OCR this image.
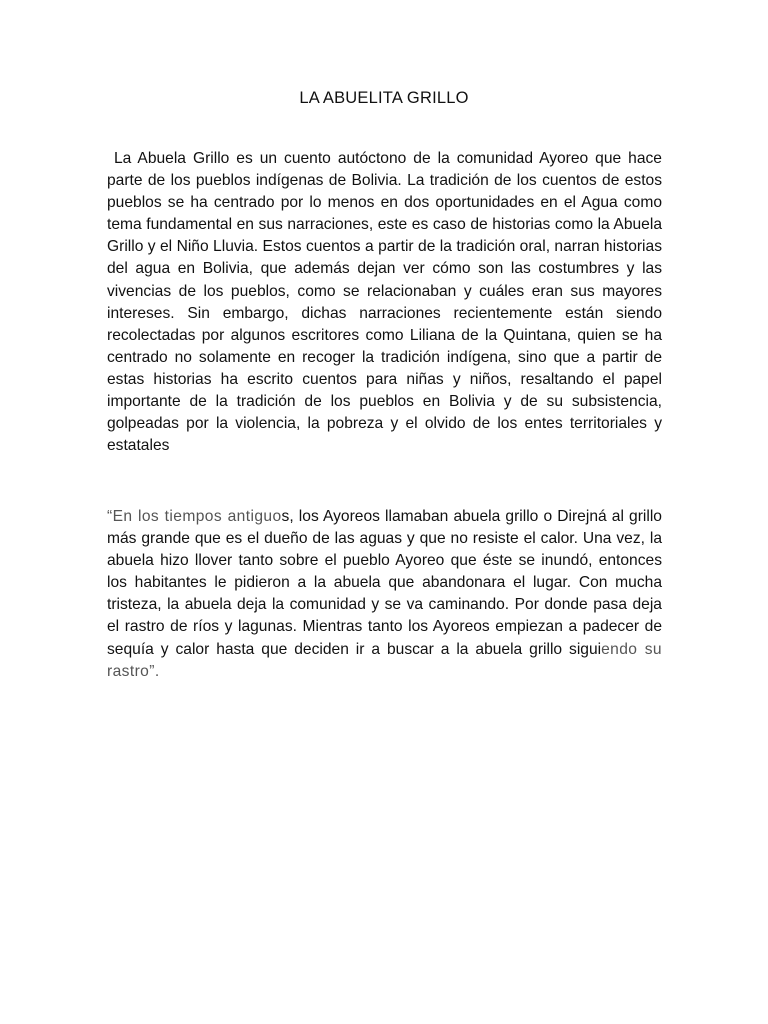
LA ABUELITA GRILLO

La Abuela Grillo es un cuento autóctono de la comunidad Ayoreo que hace parte de los pueblos indígenas de Bolivia. La tradición de los cuentos de estos pueblos se ha centrado por lo menos en dos oportunidades en el Agua como tema fundamental en sus narraciones, este es caso de historias como la Abuela Grillo y el Niño Lluvia. Estos cuentos a partir de la tradición oral, narran historias del agua en Bolivia, que además dejan ver cómo son las costumbres y las vivencias de los pueblos, como se relacionaban y cuáles eran sus mayores intereses. Sin embargo, dichas narraciones recientemente están siendo recolectadas por algunos escritores como Liliana de la Quintana, quien se ha centrado no solamente en recoger la tradición indígena, sino que a partir de estas historias ha escrito cuentos para niñas y niños, resaltando el papel importante de la tradición de los pueblos en Bolivia y de su subsistencia, golpeadas por la violencia, la pobreza y el olvido de los entes territoriales y estatales

“En los tiempos antiguos, los Ayoreos llamaban abuela grillo o Direjná al grillo más grande que es el dueño de las aguas y que no resiste el calor. Una vez, la abuela hizo llover tanto sobre el pueblo Ayoreo que éste se inundó, entonces los habitantes le pidieron a la abuela que abandonara el lugar. Con mucha tristeza, la abuela deja la comunidad y se va caminando. Por donde pasa deja el rastro de ríos y lagunas. Mientras tanto los Ayoreos empiezan a padecer de sequía y calor hasta que deciden ir a buscar a la abuela grillo siguiendo su rastro”.
